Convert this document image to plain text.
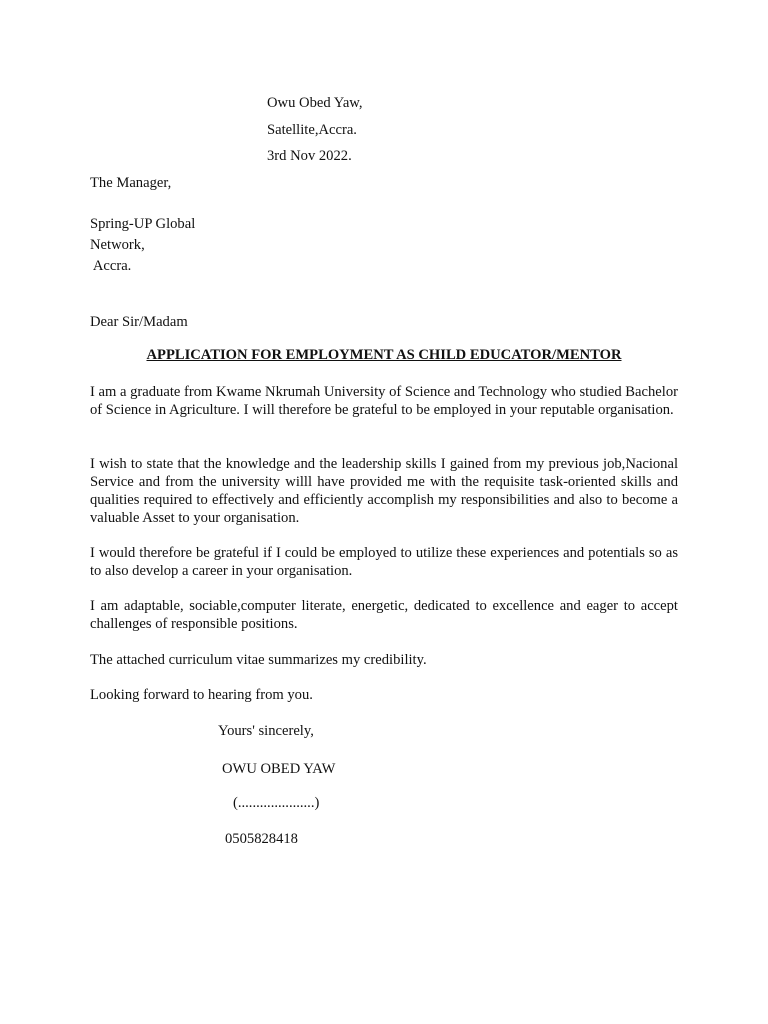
Owu Obed Yaw,
Satellite,Accra.
3rd Nov 2022.
The Manager,
Spring-UP Global
Network,
Accra.
Dear Sir/Madam
APPLICATION FOR EMPLOYMENT AS CHILD EDUCATOR/MENTOR
I am a graduate from Kwame Nkrumah University of Science and Technology who studied Bachelor of Science in Agriculture. I will therefore be grateful to be employed in your reputable organisation.
I wish to state that the knowledge and the leadership skills I gained from my previous job,Nacional Service and from the university willl have provided me with the requisite task-oriented skills and qualities required to effectively and efficiently accomplish my responsibilities and also to become a valuable Asset to your organisation.
I would therefore be grateful if I could be employed to utilize these experiences and potentials so as to also develop a career in your organisation.
I am adaptable, sociable,computer literate, energetic, dedicated to excellence and eager to accept challenges of responsible positions.
The attached curriculum vitae summarizes my credibility.
Looking forward to hearing from you.
Yours' sincerely,
OWU OBED YAW
(.....................)
0505828418
